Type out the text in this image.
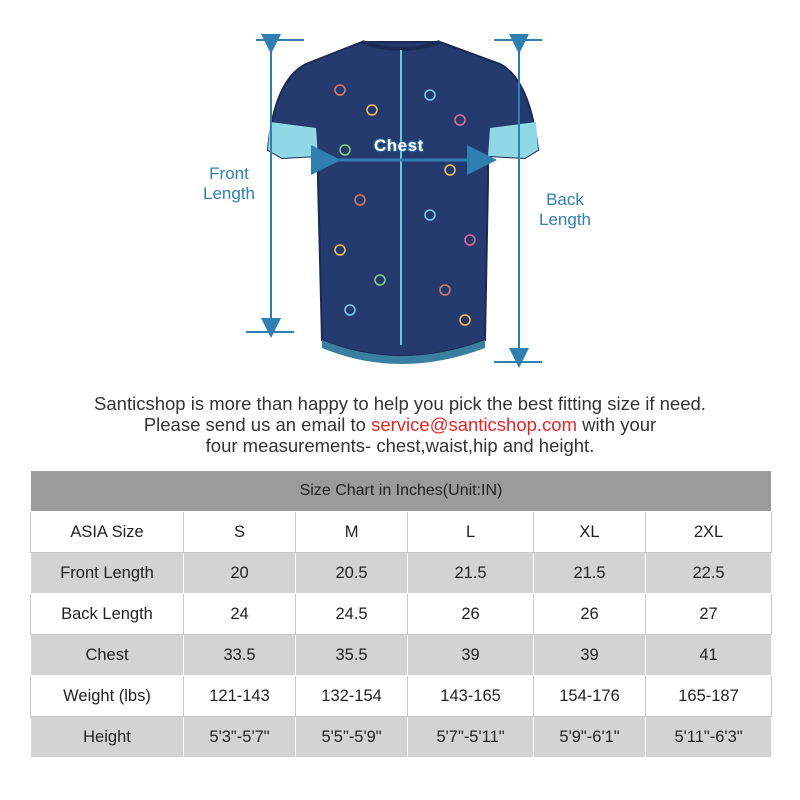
Front
Length	Back
Length
Chest
Santicshop is more than happy to help you pick the best fitting size if need.
Please send us an email to service@santicshop.com with your
four measurements- chest,waist,hip and height.
Size Chart in Inches(Unit:IN)					
ASIA Size	S	M	L	XL	2XL
Front Length	20	20.5	21.5	21.5	22.5
Back Length	24	24.5	26	26	27
Chest	33.5	35.5	39	39	41
Weight (lbs)	121-143	132-154	143-165	154-176	165-187
Height	5'3"-5'7"	5'5"-5'9"	5'7"-5'11"	5'9"-6'1"	5'11"-6'3"
